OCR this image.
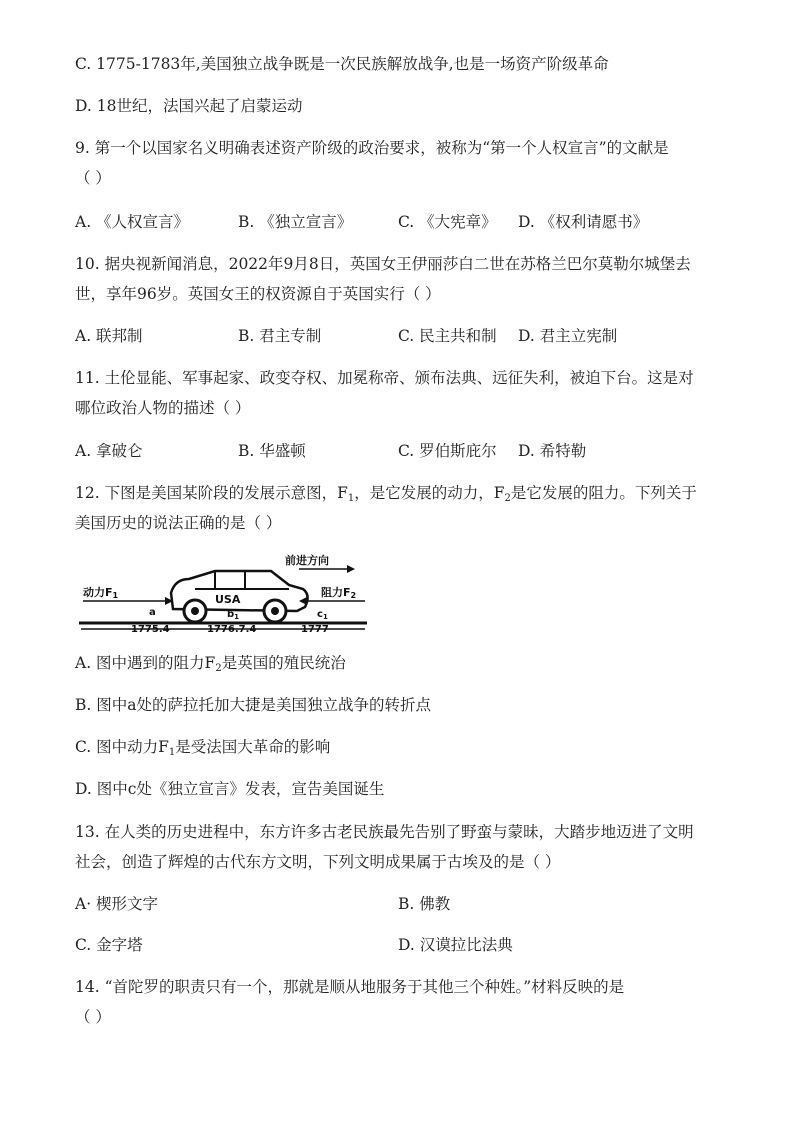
C. 1775-1783年,美国独立战争既是一次民族解放战争,也是一场资产阶级革命
D. 18世纪，法国兴起了启蒙运动
9. 第一个以国家名义明确表述资产阶级的政治要求，被称为“第一个人权宣言”的文献是
（ ）
A. 《人权宣言》	B. 《独立宣言》	C. 《大宪章》 D. 《权利请愿书》
10. 据央视新闻消息，2022年9月8日，英国女王伊丽莎白二世在苏格兰巴尔莫勒尔城堡去
世，享年96岁。英国女王的权资源自于英国实行（ ）
A. 联邦制	B. 君主专制	C. 民主共和制 D. 君主立宪制
11. 土伦显能、军事起家、政变夺权、加冕称帝、颁布法典、远征失利，被迫下台。这是对
哪位政治人物的描述（ ）
A. 拿破仑	B. 华盛顿	C. 罗伯斯庇尔 D. 希特勒
12. 下图是美国某阶段的发展示意图，$F_1$，是它发展的动力，$F_2$是它发展的阻力。下列关于
美国历史的说法正确的是（ ）
USA
前进方向
动力F1	阻力F2
a	$b_1$	$c_1$
1775.4	1776.7.4	1777
A. 图中遇到的阻力$F_2$是英国的殖民统治
B. 图中a处的萨拉托加大捷是美国独立战争的转折点
C. 图中动力$F_1$是受法国大革命的影响
D. 图中c处《独立宣言》发表，宣告美国诞生
13. 在人类的历史进程中，东方许多古老民族最先告别了野蛮与蒙昧，大踏步地迈进了文明
社会，创造了辉煌的古代东方文明，下列文明成果属于古埃及的是（ ）
A· 楔形文字	B. 佛教
C. 金字塔	D. 汉谟拉比法典
14. “首陀罗的职责只有一个，那就是顺从地服务于其他三个种姓。”材料反映的是
（ ）
